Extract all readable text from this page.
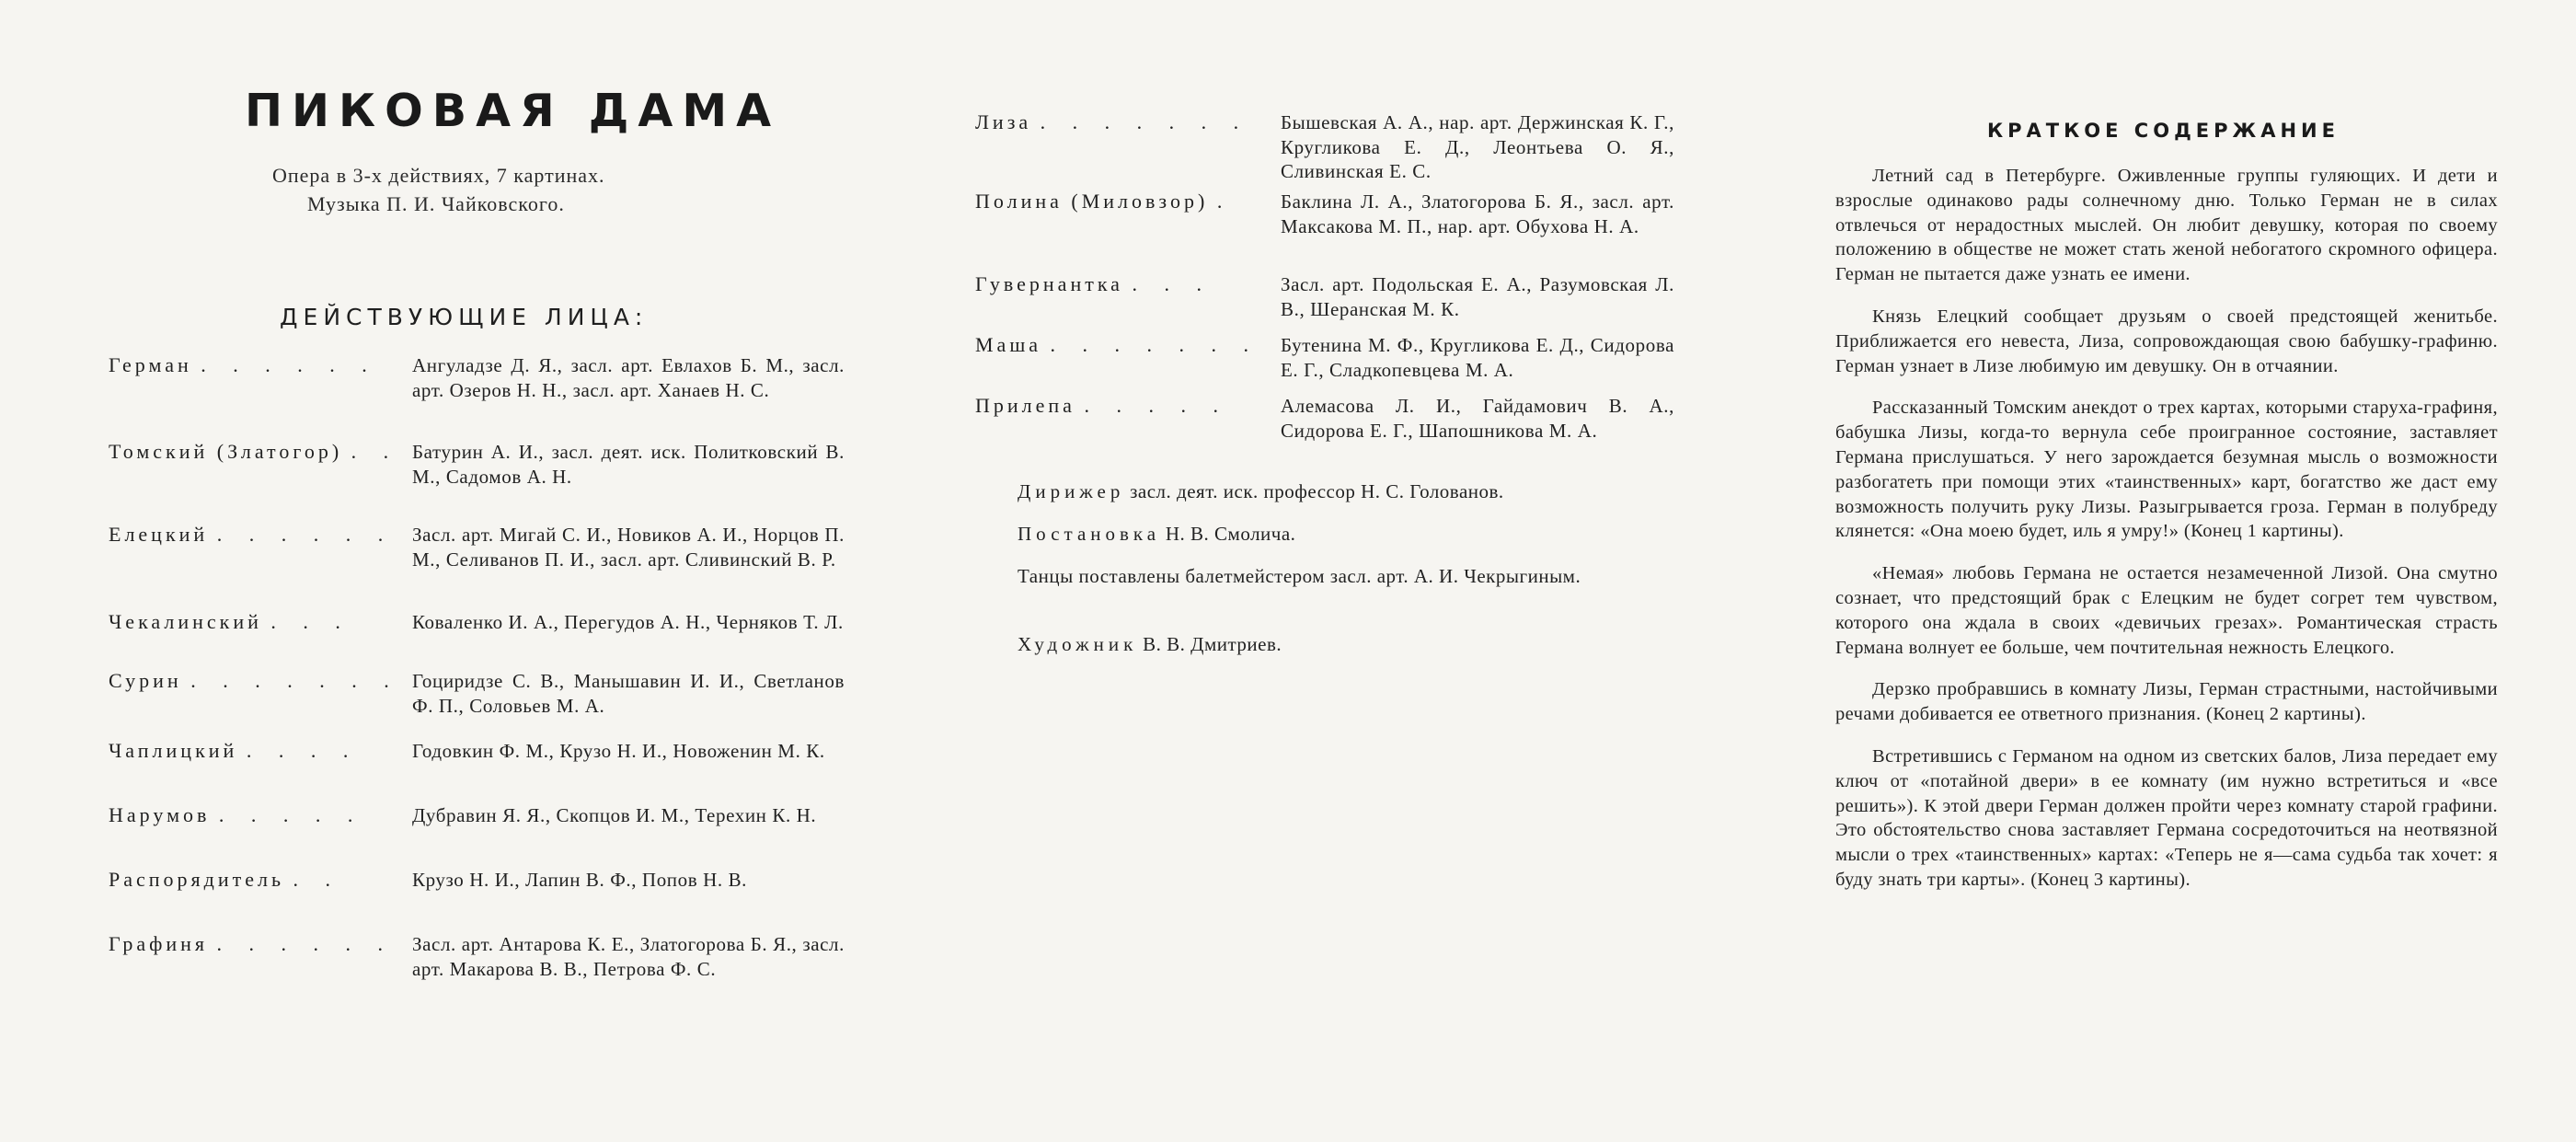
ПИКОВАЯ ДАМА
Опера в 3-х действиях, 7 картинах.
Музыка П. И. Чайковского.
ДЕЙСТВУЮЩИЕ ЛИЦА:
Герман . . . . . .	Ангуладзе Д. Я., засл. арт. Евлахов Б. М., засл. арт. Озеров Н. Н., засл. арт. Ханаев Н. С.
Томский (Златогор) . . Батурин А. И., засл. деят. иск. Политковский В. М., Садомов А. Н.
Елецкий . . . . . . Засл. арт. Мигай С. И., Новиков А. И., Норцов П. М., Селиванов П. И., засл. арт. Сливинский В. Р.
Чекалинский . . .	Коваленко И. А., Перегудов А. Н., Черняков Т. Л.
Сурин . . . . . . . Гоциридзе С. В., Манышавин И. И., Светланов Ф. П., Соловьев М. А.
Чаплицкий . . . .	Годовкин Ф. М., Крузо Н. И., Новоженин М. К.
Нарумов . . . . .	Дубравин Я. Я., Скопцов И. М., Терехин К. Н.
Распорядитель . .	Крузо Н. И., Лапин В. Ф., Попов Н. В.
Графиня . . . . . . Засл. арт. Антарова К. Е., Златогорова Б. Я., засл. арт. Макарова В. В., Петрова Ф. С.
Лиза . . . . . . .	Бышевская А. А., нар. арт. Держинская К. Г., Кругликова Е. Д., Леонтьева О. Я., Сливинская Е. С.
Полина (Миловзор) .	Баклина Л. А., Златогорова Б. Я., засл. арт. Максакова М. П., нар. арт. Обухова Н. А.
Гувернантка . . .	Засл. арт. Подольская Е. А., Разумовская Л. В., Шеранская М. К.
Маша . . . . . . .	Бутенина М. Ф., Кругликова Е. Д., Сидорова Е. Г., Сладкопевцева М. А.
Прилепа . . . . .	Алемасова Л. И., Гайдамович В. А., Сидорова Е. Г., Шапошникова М. А.
Дирижер засл. деят. иск. профессор Н. С. Голованов.
Постановка Н. В. Смолича.
Танцы поставлены балетмейстером засл. арт. А. И. Чекрыгиным.
Художник В. В. Дмитриев.
КРАТКОЕ СОДЕРЖАНИЕ

Летний сад в Петербурге. Оживленные группы гуляющих. И дети и взрослые одинаково рады солнечному дню. Только Герман не в силах отвлечься от нерадостных мыслей. Он любит девушку, которая по своему положению в обществе не может стать женой небогатого скромного офицера. Герман не пытается даже узнать ее имени.

Князь Елецкий сообщает друзьям о своей предстоящей женитьбе. Приближается его невеста, Лиза, сопровождающая свою бабушку-графиню. Герман узнает в Лизе любимую им девушку. Он в отчаянии.

Рассказанный Томским анекдот о трех картах, которыми старуха-графиня, бабушка Лизы, когда-то вернула себе проигранное состояние, заставляет Германа прислушаться. У него зарождается безумная мысль о возможности разбогатеть при помощи этих «таинственных» карт, богатство же даст ему возможность получить руку Лизы. Разыгрывается гроза. Герман в полубреду клянется: «Она моею будет, иль я умру!» (Конец 1 картины).

«Немая» любовь Германа не остается незамеченной Лизой. Она смутно сознает, что предстоящий брак с Елецким не будет согрет тем чувством, которого она ждала в своих «девичьих грезах». Романтическая страсть Германа волнует ее больше, чем почтительная нежность Елецкого.

Дерзко пробравшись в комнату Лизы, Герман страстными, настойчивыми речами добивается ее ответного признания. (Конец 2 картины).

Встретившись с Германом на одном из светских балов, Лиза передает ему ключ от «потайной двери» в ее комнату (им нужно встретиться и «все решить»). К этой двери Герман должен пройти через комнату старой графини. Это обстоятельство снова заставляет Германа сосредоточиться на неотвязной мысли о трех «таинственных» картах: «Теперь не я—сама судьба так хочет: я буду знать три карты». (Конец 3 картины).
